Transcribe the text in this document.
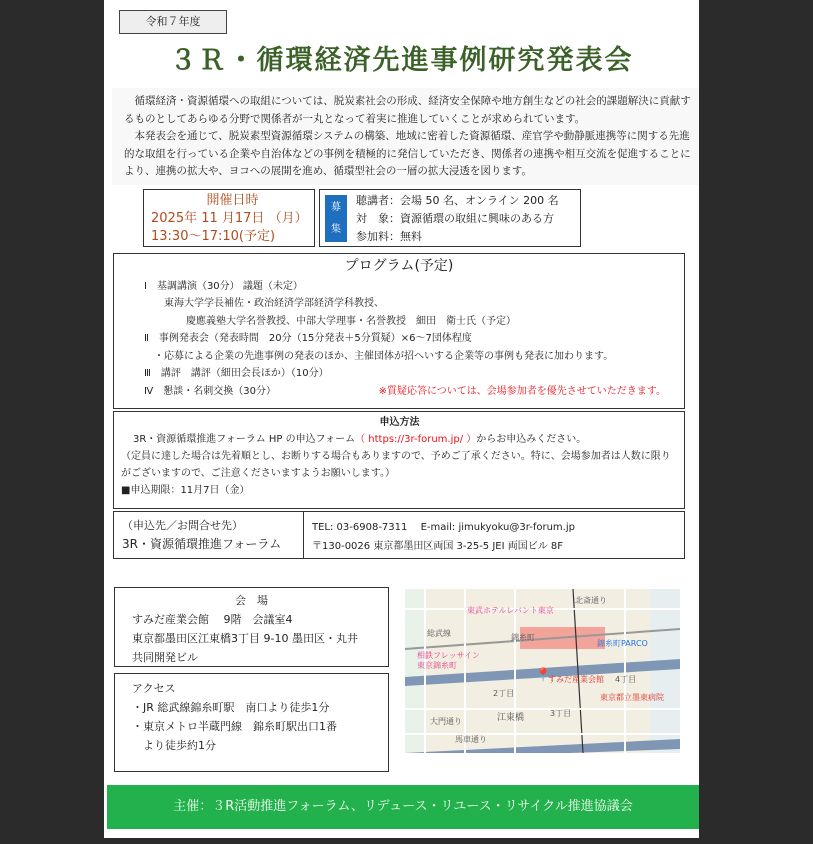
令和７年度
３Ｒ・循環経済先進事例研究発表会

循環経済・資源循環への取組については、脱炭素社会の形成、経済安全保障や地方創生などの社会的課題解決に貢献するものとしてあらゆる分野で関係者が一丸となって着実に推進していくことが求められています。

本発表会を通じて、脱炭素型資源循環システムの構築、地域に密着した資源循環、産官学や動静脈連携等に関する先進的な取組を行っている企業や自治体などの事例を積極的に発信していただき、関係者の連携や相互交流を促進することにより、連携の拡大や、ヨコへの展開を進め、循環型社会の一層の拡大浸透を図ります。

開催日時
2025年 11 月17日 （月）
13:30～17:10(予定)
募 集
聴講者：会場 50 名、オンライン 200 名
対　象：資源循環の取組に興味のある方
参加料：無料
プログラム(予定)
Ⅰ　基調講演（30分） 議題（未定）
東海大学学長補佐・政治経済学部経済学科教授、
慶應義塾大学名誉教授、中部大学理事・名誉教授　細田　衛士氏（予定）
Ⅱ　事例発表会（発表時間　20分（15分発表＋5分質疑）×6～7団体程度
・応募による企業の先進事例の発表のほか、主催団体が招へいする企業等の事例も発表に加わります。
Ⅲ　講評　講評（細田会長ほか）（10分）
Ⅳ　懇談・名刺交換（30分）	※質疑応答については、会場参加者を優先させていただきます。
申込方法
3R・資源循環推進フォーラム HP の申込フォーム（ https://3r-forum.jp/ ）からお申込みください。
（定員に達した場合は先着順とし、お断りする場合もありますので、予めご了承ください。特に、会場参加者は人数に限りがございますので、ご注意くださいますようお願いします。）
■申込期限：11月7日（金）
（申込先／お問合せ先）
3R・資源循環推進フォーラム
TEL: 03-6908-7311　 E-mail: jimukyoku@3r-forum.jp
〒130-0026 東京都墨田区両国 3-25-5 JEI 両国ビル 8F
会　場
すみだ産業会館　 9階　会議室4
東京都墨田区江東橋3丁目 9-10 墨田区・丸井
共同開発ビル
アクセス
・JR 総武線錦糸町駅　南口より徒歩1分
・東京メトロ半蔵門線　錦糸町駅出口1番
　より徒歩約1分
東武ホテルレバント東京
錦糸町
総武線
錦糸町PARCO
相鉄フレッサイン 東京錦糸町
📍
すみだ産業会館 4丁目
2丁目
3丁目
江東橋
東京都立墨東病院
北斎通り
大門通り
馬車通り
主催：３R活動推進フォーラム、リデュース・リユース・リサイクル推進協議会
